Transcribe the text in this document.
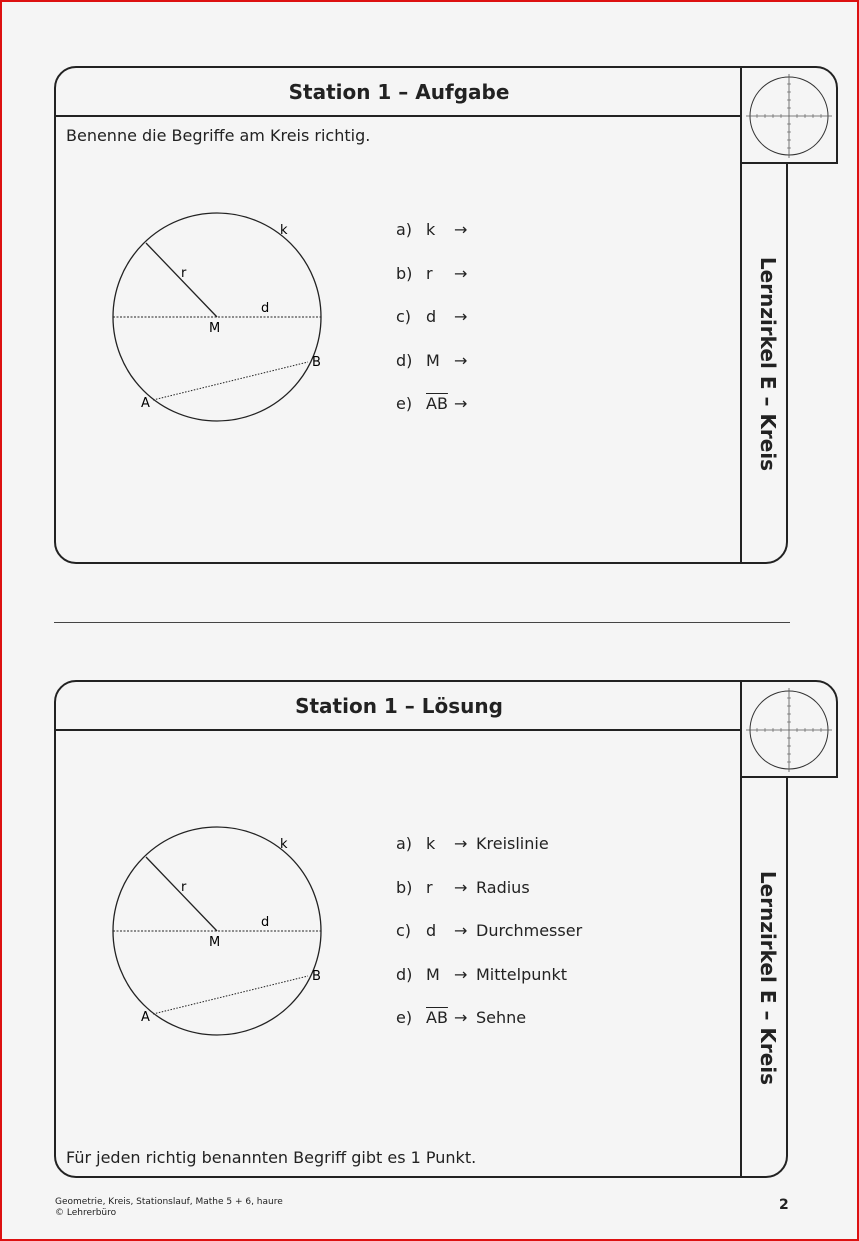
Station 1 – Aufgabe
Lernzirkel E – Kreis
Benenne die Begriffe am Kreis richtig.
k
r
d
M
A
B
a) k	→
b) r	→
c) d	→
d) M →
e) $\overline{AB}$ →
Station 1 – Lösung
Lernzirkel E – Kreis
k
r
d
M
A
B
a) k	→ Kreislinie
b) r	→ Radius
c) d	→ Durchmesser
d) M → Mittelpunkt
e) $\overline{AB}$ → Sehne
Für jeden richtig benannten Begriff gibt es 1 Punkt.
Geometrie, Kreis, Stationslauf, Mathe 5 + 6, haure
© Lehrerbüro	2
